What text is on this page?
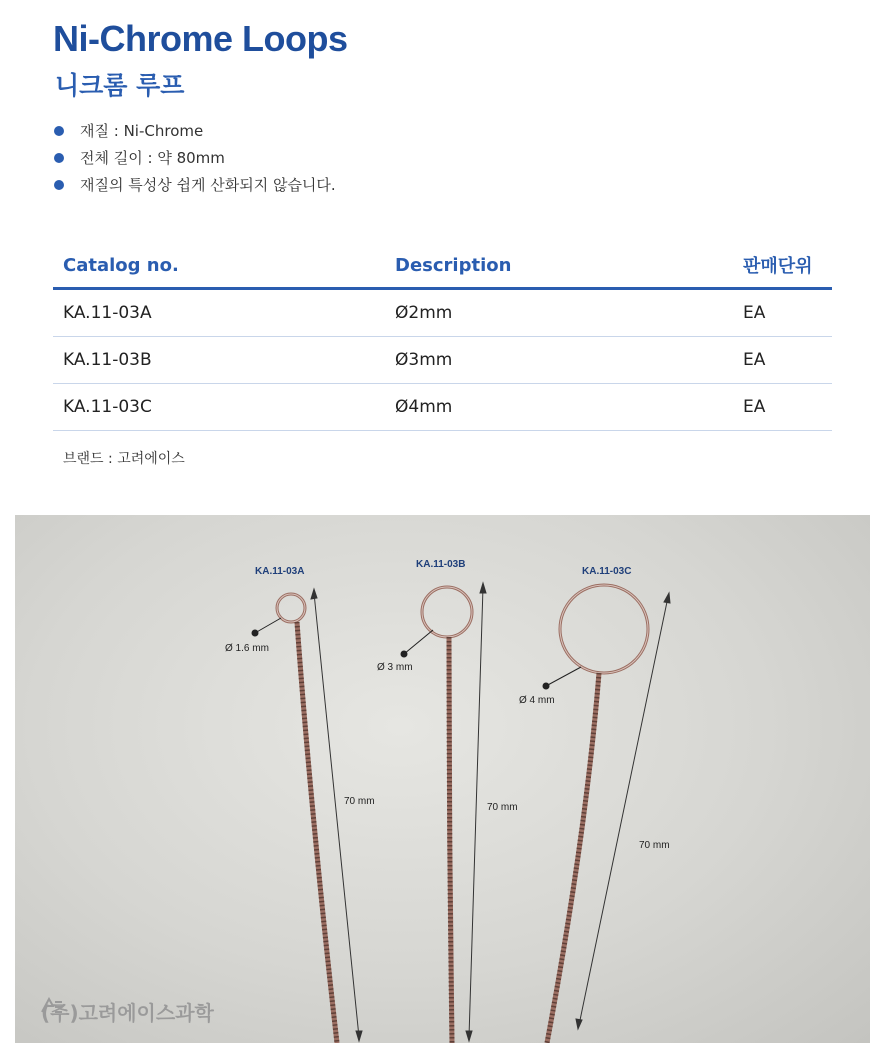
Ni-Chrome Loops
니크롬 루프
재질 : Ni-Chrome
전체 길이 : 약 80mm
재질의 특성상 쉽게 산화되지 않습니다.
Catalog no.	Description	판매단위
KA.11-03A	Ø2mm	EA
KA.11-03B	Ø3mm	EA
KA.11-03C	Ø4mm	EA

브랜드 : 고려에이스

KA.11-03A

KA.11-03B

KA.11-03C

Ø 1.6 mm

Ø 3 mm

Ø 4 mm

70 mm

70 mm

70 mm

(주)고려에이스과학
